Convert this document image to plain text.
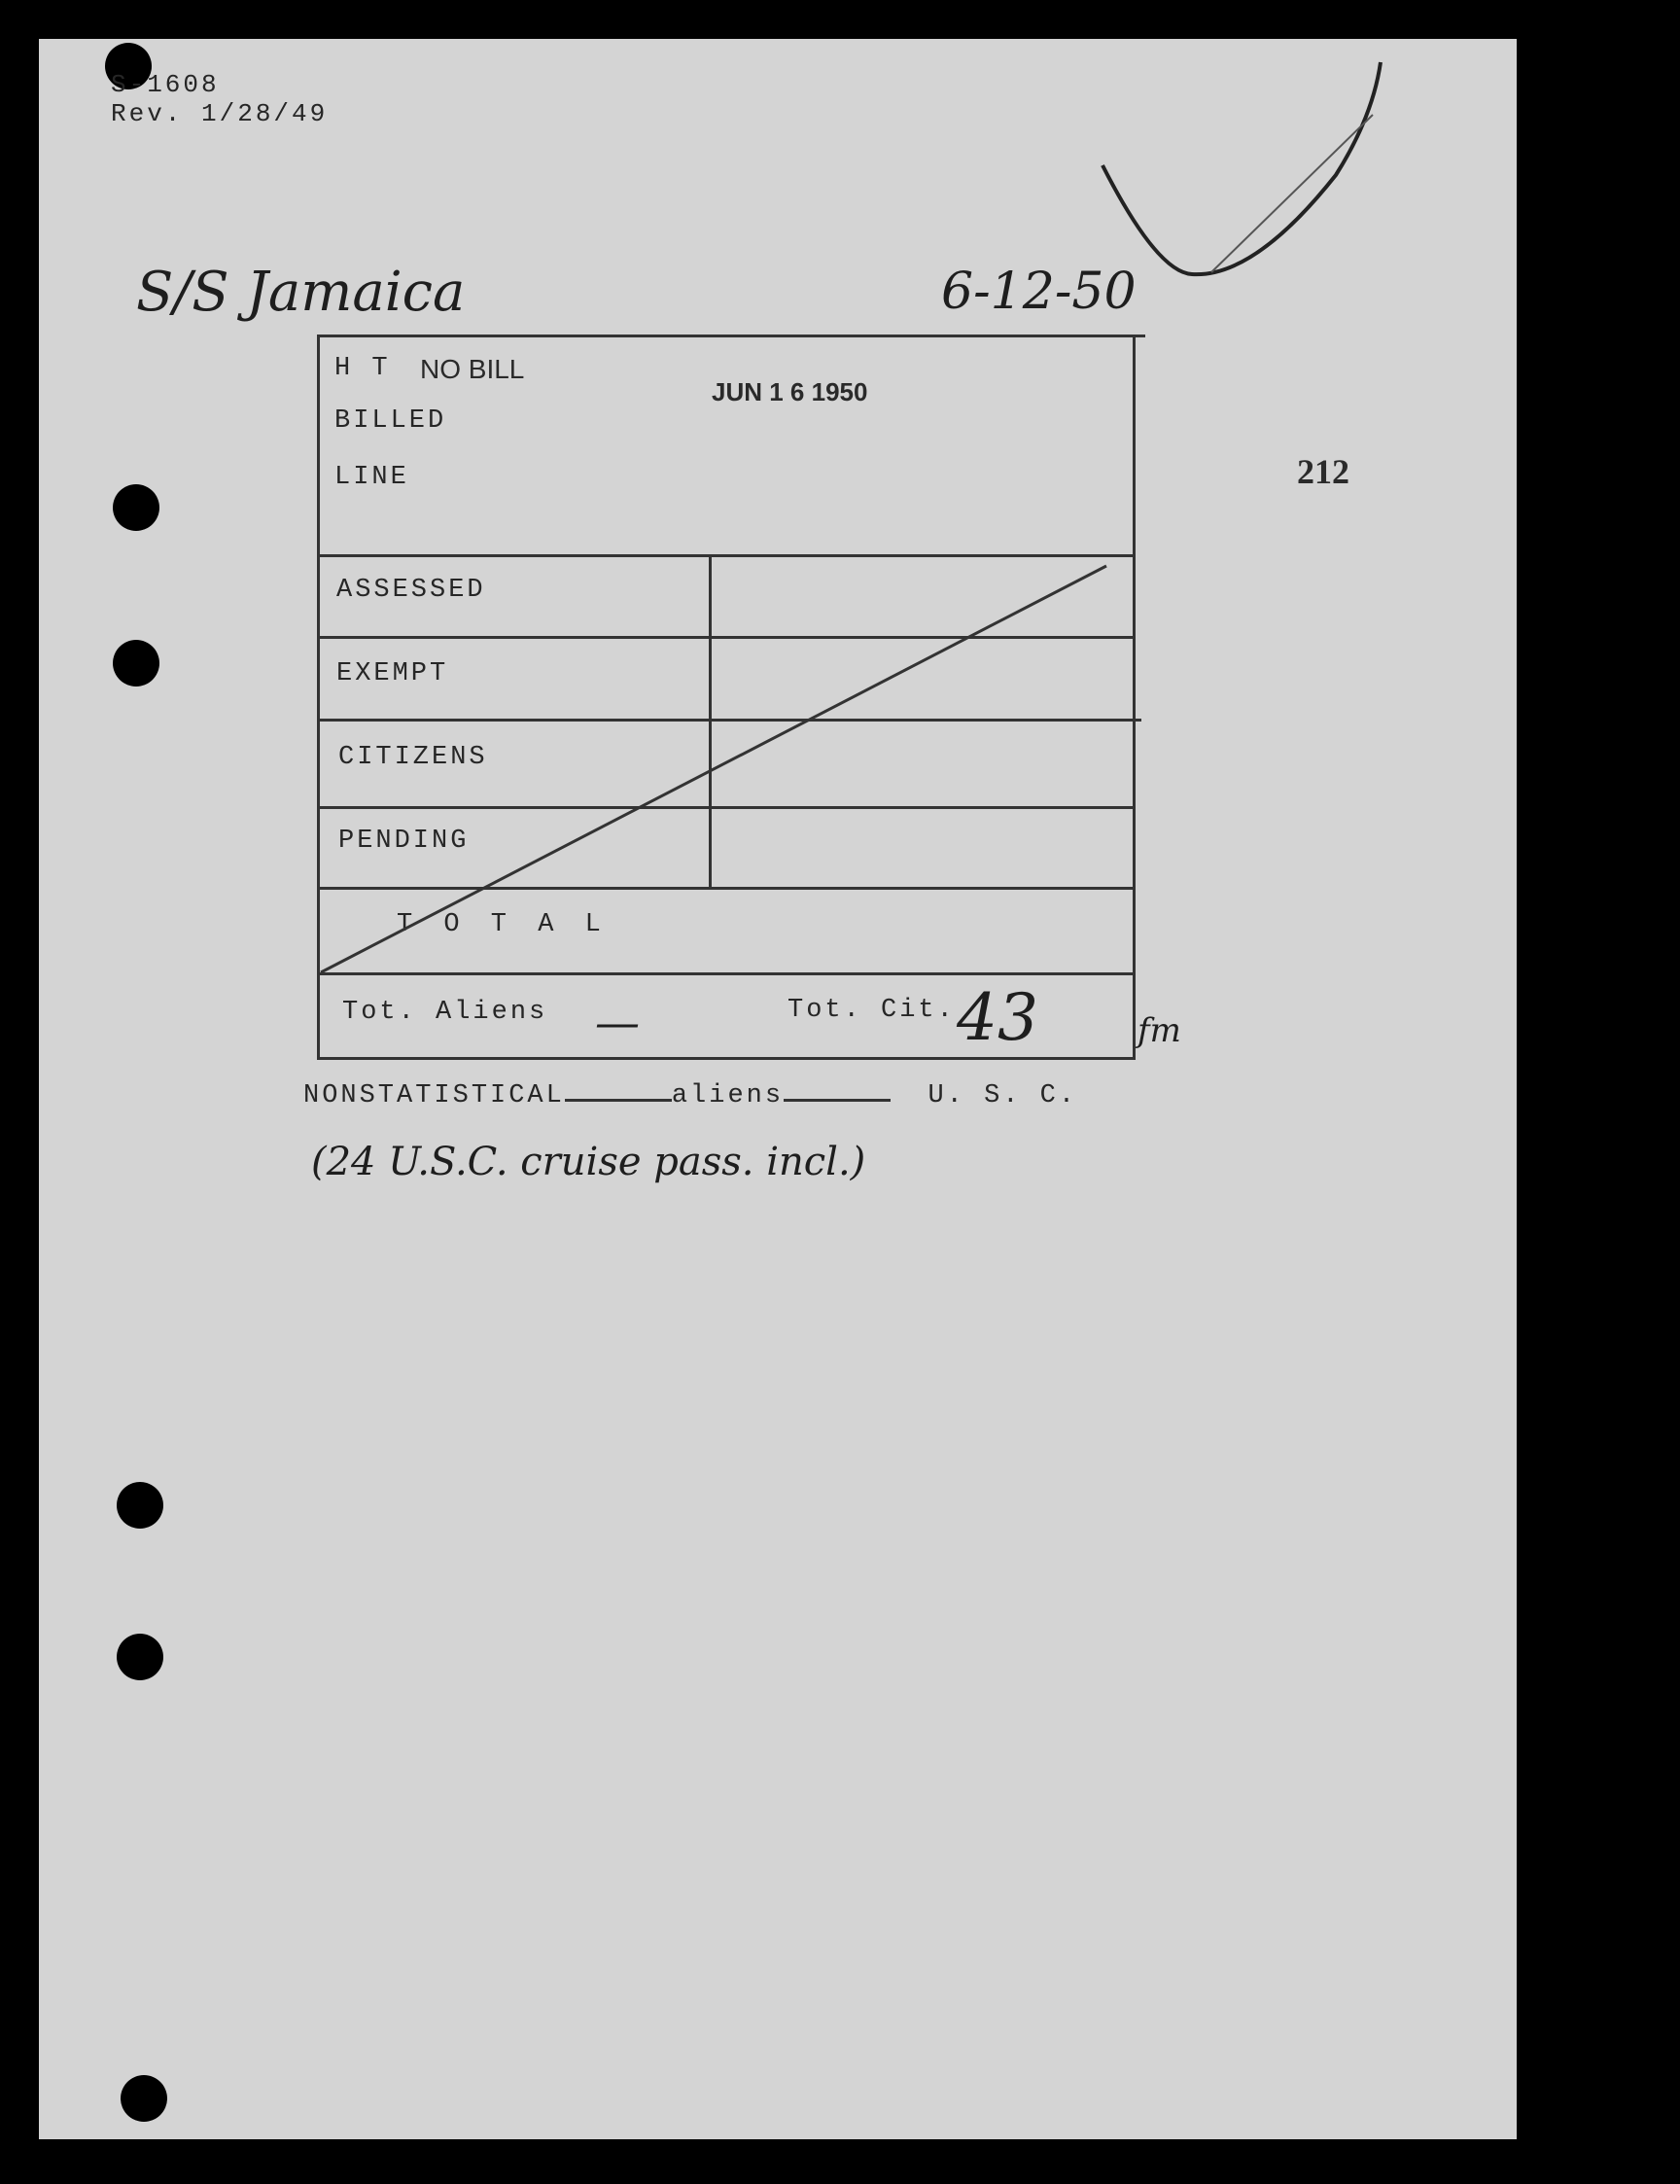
S-1608
Rev. 1/28/49
S/S Jamaica	6-12-50
212
H T NO BILL
BILLED
LINE
JUN 1 6 1950
ASSESSED
EXEMPT
CITIZENS
PENDING
T O T A L
Tot. Aliens —	Tot. Cit. 43	fm
NONSTATISTICAL	aliens	U. S. C.
(24 U.S.C. cruise pass. incl.)
